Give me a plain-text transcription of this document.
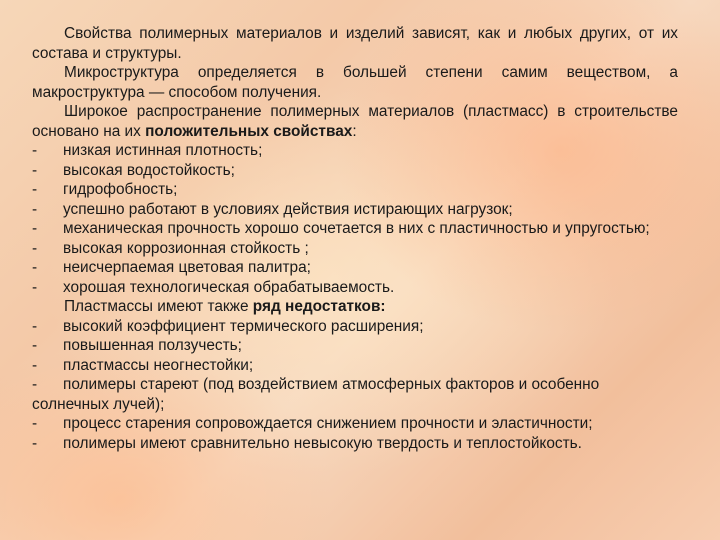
Свойства полимерных материалов и изделий зависят, как и любых других, от их состава и структуры.

Микроструктура определяется в большей степени самим веществом, а макроструктура — способом получения.

Широкое распространение полимерных материалов (пластмасс) в строительстве основано на их положительных свойствах:

-	низкая истинная плотность;
-	высокая водостойкость;
-	гидрофобность;
-	успешно работают в условиях действия истирающих нагрузок;
- механическая прочность хорошо сочетается в них с пластичностью и упругостью;
-	высокая коррозионная стойкость ;
-	неисчерпаемая цветовая палитра;
-	хорошая технологическая обрабатываемость.

Пластмассы имеют также ряд недостатков:

-	высокий коэффициент термического расширения;
-	повышенная ползучесть;
-	пластмассы неогнестойки;
- полимеры стареют (под воздействием атмосферных факторов и особенно солнечных лучей);
-	процесс старения сопровождается снижением прочности и эластичности;
-	полимеры имеют сравнительно невысокую твердость и теплостойкость.
